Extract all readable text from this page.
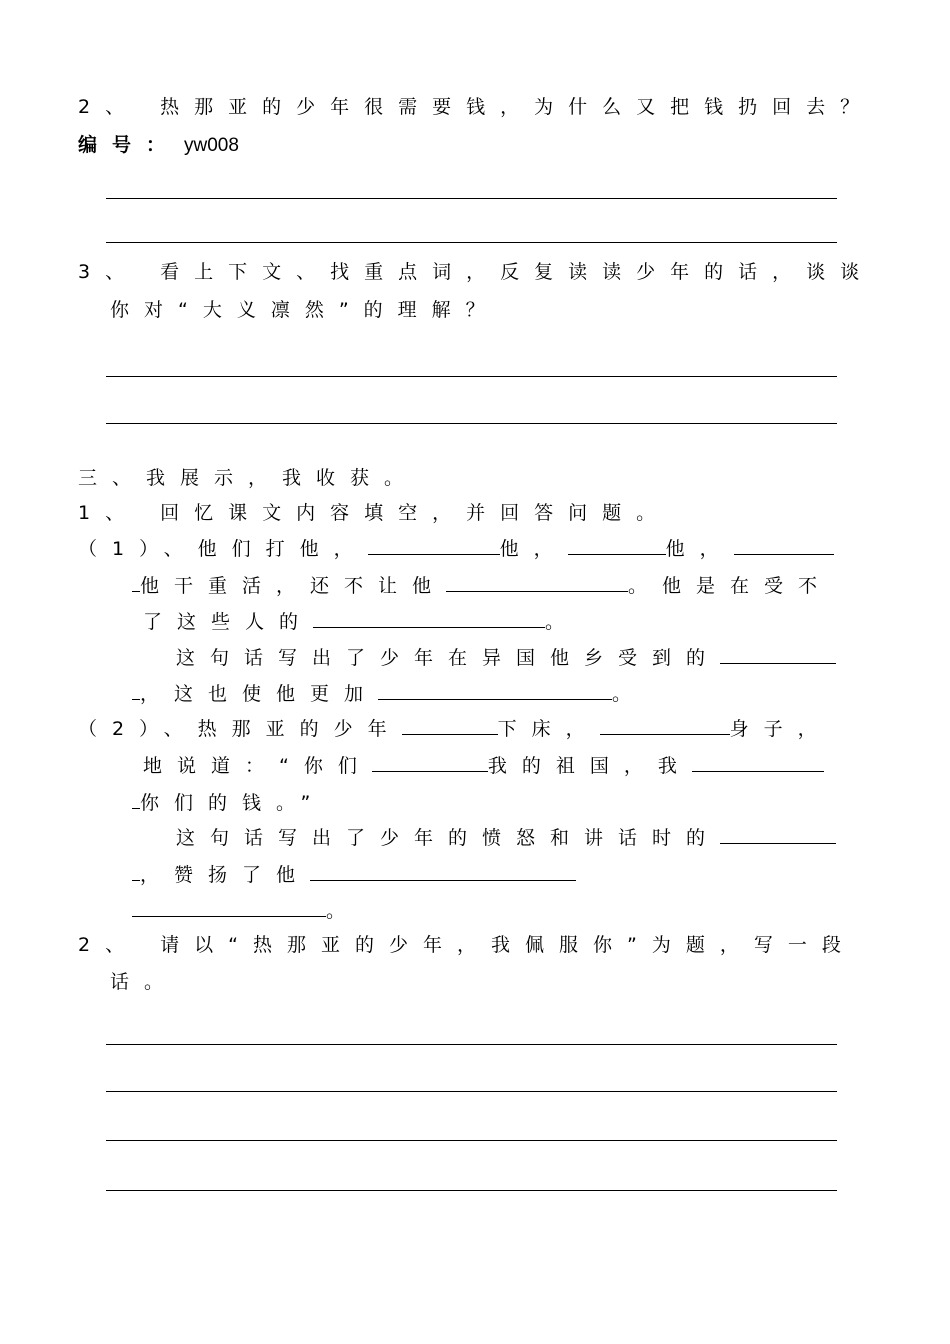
2、 热那亚的少年很需要钱，为什么又把钱扔回去？
编号： yw008
3、 看上下文、找重点词，反复读读少年的话，谈谈
你对“大义凛然”的理解？
三、我展示，我收获。
1、 回忆课文内容填空，并回答问题。
（1）、他们打他，	他，	他，
他干重活，还不让他	。他是在受不
了这些人的	。
这句话写出了少年在异国他乡受到的
，这也使他更加	。
（2）、热那亚的少年	下床，	身子，
地说道：“你们	我的祖国，我
你们的钱。”
这句话写出了少年的愤怒和讲话时的
，赞扬了他
。
2、 请以“热那亚的少年，我佩服你”为题，写一段
话。
